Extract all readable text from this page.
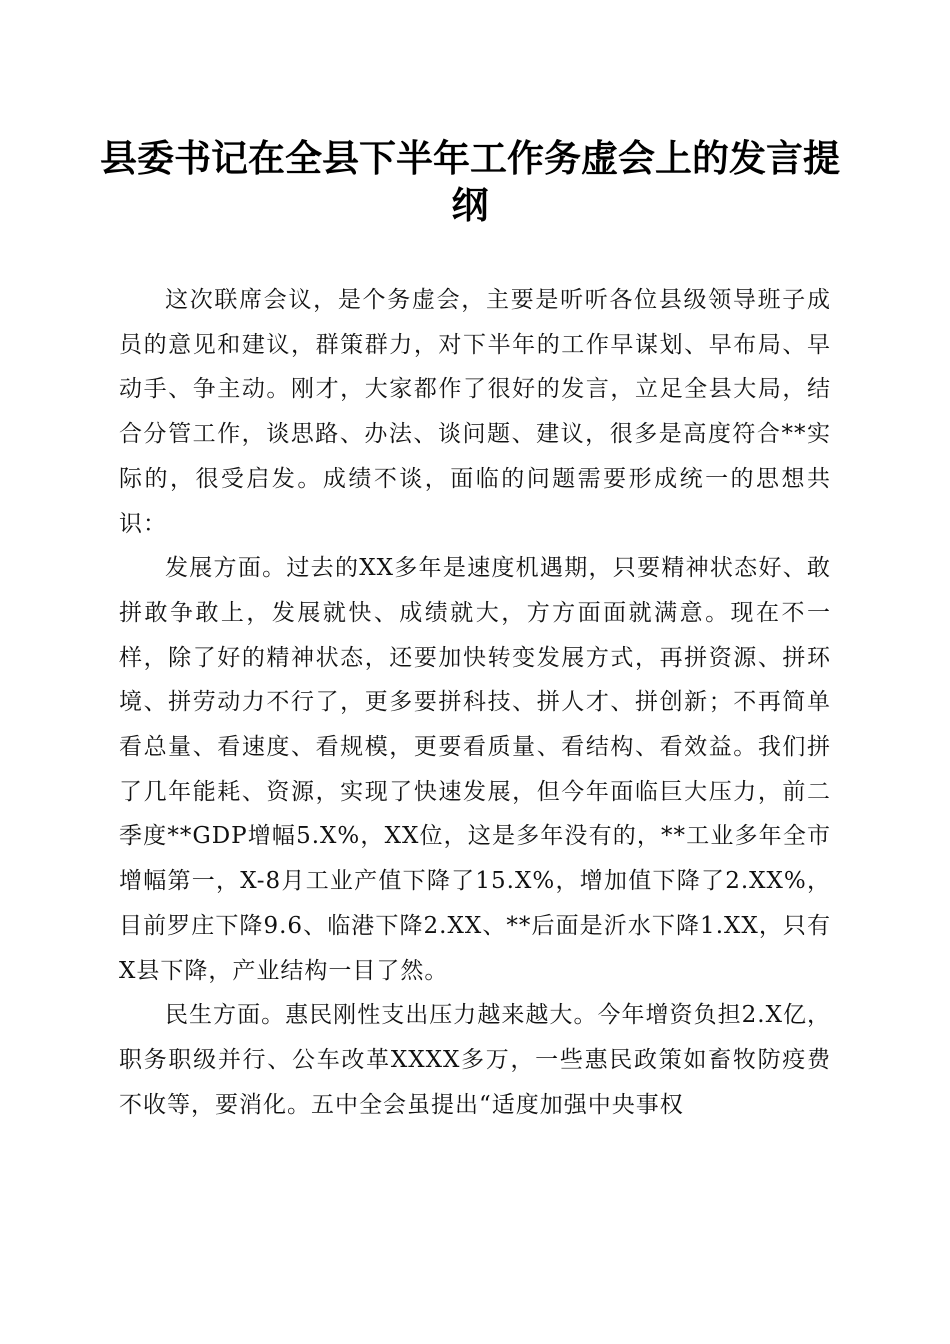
县委书记在全县下半年工作务虚会上的发言提纲

这次联席会议，是个务虚会，主要是听听各位县级领导班子成员的意见和建议，群策群力，对下半年的工作早谋划、早布局、早动手、争主动。刚才，大家都作了很好的发言，立足全县大局，结合分管工作，谈思路、办法、谈问题、建议，很多是高度符合**实际的，很受启发。成绩不谈，面临的问题需要形成统一的思想共识：

发展方面。过去的XX多年是速度机遇期，只要精神状态好、敢拼敢争敢上，发展就快、成绩就大，方方面面就满意。现在不一样，除了好的精神状态，还要加快转变发展方式，再拼资源、拼环境、拼劳动力不行了，更多要拼科技、拼人才、拼创新；不再简单看总量、看速度、看规模，更要看质量、看结构、看效益。我们拼了几年能耗、资源，实现了快速发展，但今年面临巨大压力，前二季度**GDP增幅5.X%，XX位，这是多年没有的，**工业多年全市增幅第一，X-8月工业产值下降了15.X%，增加值下降了2.XX%，目前罗庄下降9.6、临港下降2.XX、**后面是沂水下降1.XX，只有X县下降，产业结构一目了然。

民生方面。惠民刚性支出压力越来越大。今年增资负担2.X亿，职务职级并行、公车改革XXXX多万，一些惠民政策如畜牧防疫费不收等，要消化。五中全会虽提出“适度加强中央事权
